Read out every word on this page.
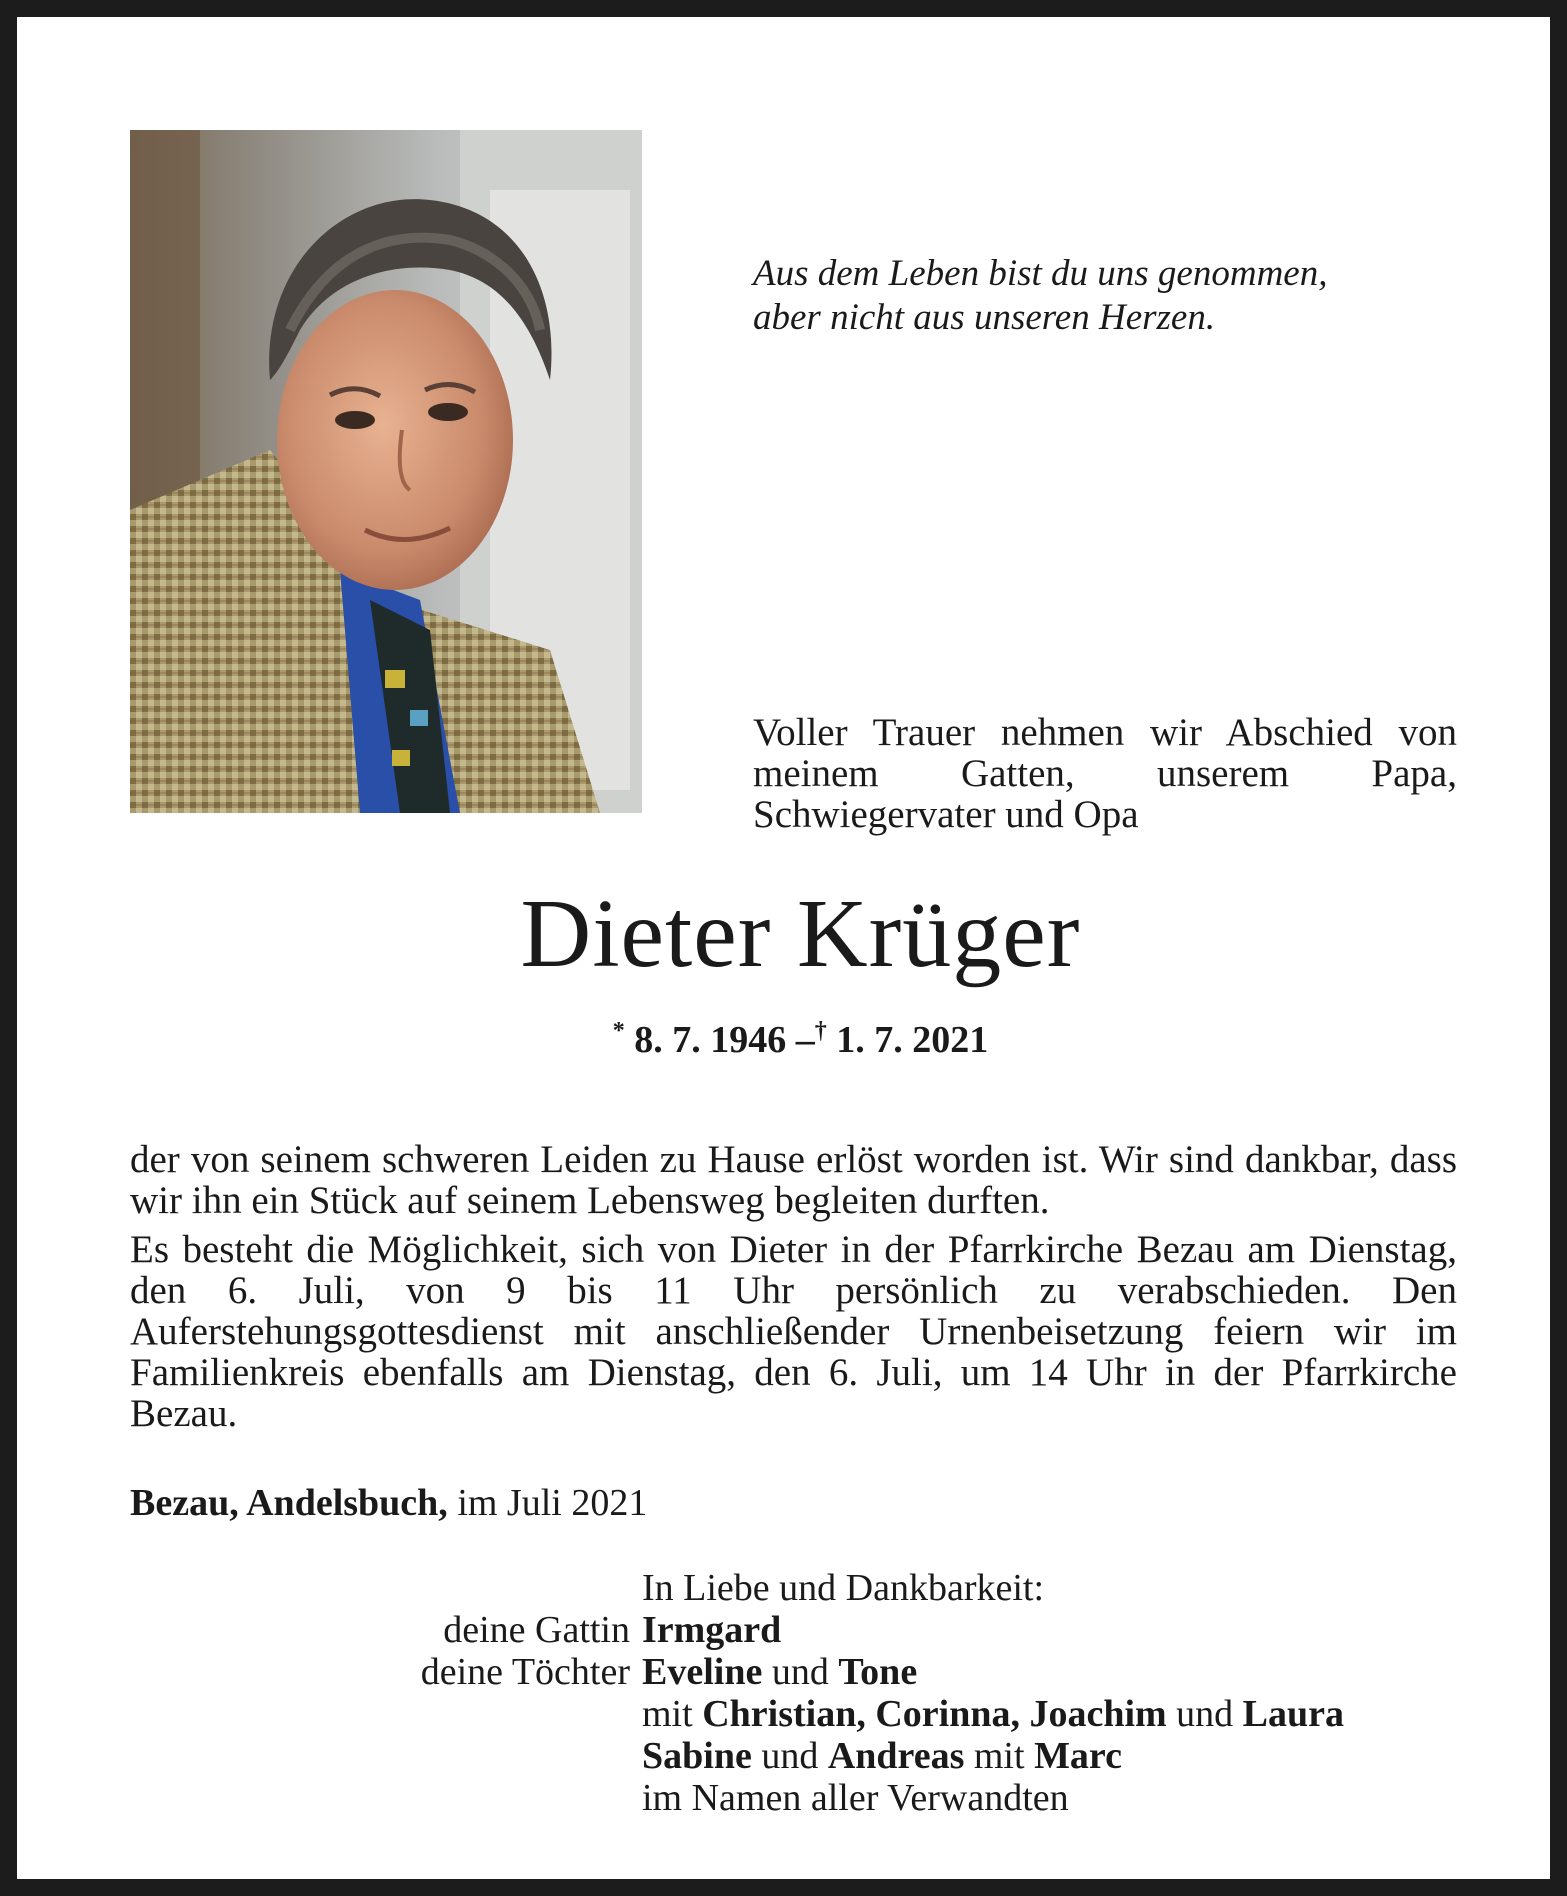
Aus dem Leben bist du uns genommen,
aber nicht aus unseren Herzen.
Voller Trauer nehmen wir Abschied von meinem Gatten, unserem Papa, Schwiegervater und Opa
Dieter Krüger
* 8. 7. 1946 –† 1. 7. 2021

der von seinem schweren Leiden zu Hause erlöst worden ist. Wir sind dankbar, dass wir ihn ein Stück auf seinem Lebensweg begleiten durften.

Es besteht die Möglichkeit, sich von Dieter in der Pfarrkirche Bezau am Dienstag, den 6. Juli, von 9 bis 11 Uhr persönlich zu verabschieden. Den Auferstehungsgottesdienst mit anschließender Urnenbeisetzung feiern wir im Familienkreis ebenfalls am Dienstag, den 6. Juli, um 14 Uhr in der Pfarrkirche Bezau.

Bezau, Andelsbuch, im Juli 2021
In Liebe und Dankbarkeit:
deine Gattin Irmgard
deine Töchter Eveline und Tone
mit Christian, Corinna, Joachim und Laura
Sabine und Andreas mit Marc
im Namen aller Verwandten
